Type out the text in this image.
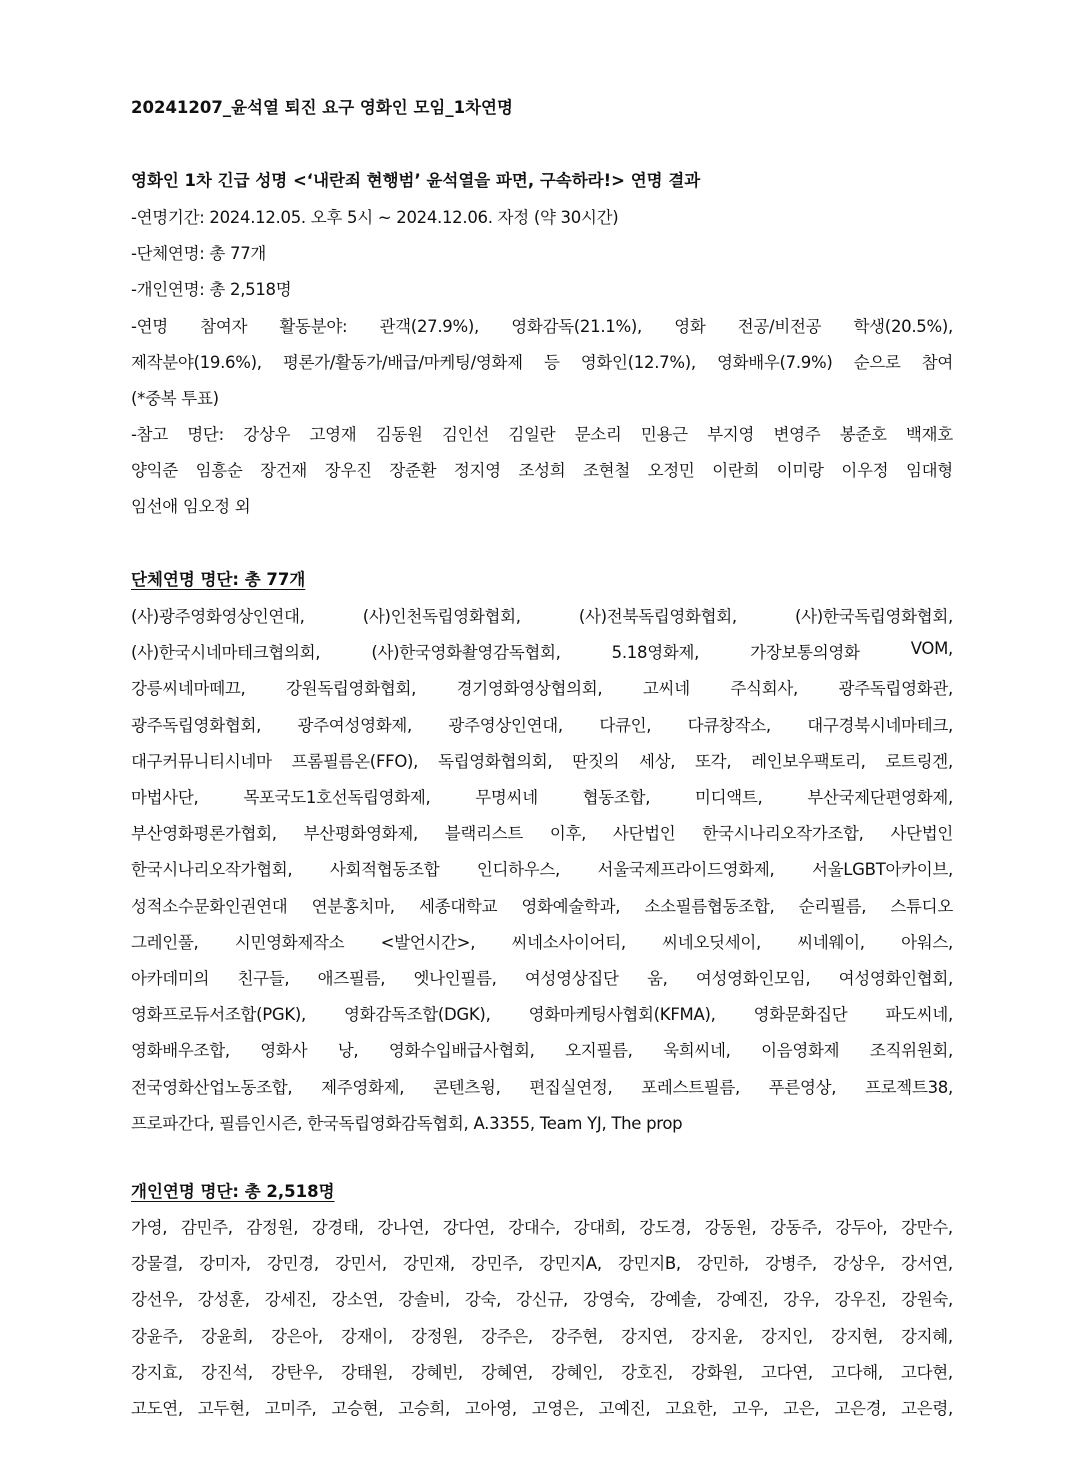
20241207_윤석열 퇴진 요구 영화인 모임_1차연명
영화인 1차 긴급 성명 <‘내란죄 현행범’ 윤석열을 파면, 구속하라!> 연명 결과
-연명기간: 2024.12.05. 오후 5시 ~ 2024.12.06. 자정 (약 30시간)
-단체연명: 총 77개
-개인연명: 총 2,518명
-연명 참여자 활동분야: 관객(27.9%), 영화감독(21.1%), 영화 전공/비전공 학생(20.5%),
제작분야(19.6%), 평론가/활동가/배급/마케팅/영화제 등 영화인(12.7%), 영화배우(7.9%) 순으로 참여
(*중복 투표)
-참고 명단: 강상우 고영재 김동원 김인선 김일란 문소리 민용근 부지영 변영주 봉준호 백재호
양익준 임흥순 장건재 장우진 장준환 정지영 조성희 조현철 오정민 이란희 이미랑 이우정 임대형
임선애 임오정 외
단체연명 명단: 총 77개
(사)광주영화영상인연대,	(사)인천독립영화협회,	(사)전북독립영화협회,	(사)한국독립영화협회,
(사)한국시네마테크협의회,	(사)한국영화촬영감독협회,	5.18영화제,	가장보통의영화	VOM,
강릉씨네마떼끄, 강원독립영화협회, 경기영화영상협의회, 고씨네 주식회사, 광주독립영화관,
광주독립영화협회, 광주여성영화제, 광주영상인연대, 다큐인, 다큐창작소, 대구경북시네마테크,
대구커뮤니티시네마 프롬필름온(FFO), 독립영화협의회, 딴짓의 세상, 또각, 레인보우팩토리, 로트링겐,
마법사단,	목포국도1호선독립영화제,	무명씨네	협동조합,	미디액트,	부산국제단편영화제,
부산영화평론가협회, 부산평화영화제, 블랙리스트 이후, 사단법인 한국시나리오작가조합, 사단법인
한국시나리오작가협회, 사회적협동조합 인디하우스, 서울국제프라이드영화제, 서울LGBT아카이브,
성적소수문화인권연대 연분홍치마, 세종대학교 영화예술학과, 소소필름협동조합, 순리필름, 스튜디오
그레인풀, 시민영화제작소 <발언시간>, 씨네소사이어티, 씨네오딧세이, 씨네웨이, 아워스,
아카데미의 친구들, 애즈필름, 엣나인필름, 여성영상집단 움, 여성영화인모임, 여성영화인협회,
영화프로듀서조합(PGK), 영화감독조합(DGK), 영화마케팅사협회(KFMA), 영화문화집단 파도씨네,
영화배우조합, 영화사 낭, 영화수입배급사협회, 오지필름, 욱희씨네, 이음영화제 조직위원회,
전국영화산업노동조합, 제주영화제, 콘텐츠윙, 편집실연정, 포레스트필름, 푸른영상, 프로젝트38,
프로파간다, 필름인시즌, 한국독립영화감독협회, A.3355, Team YJ, The prop
개인연명 명단: 총 2,518명
가영, 감민주, 감정원, 강경태, 강나연, 강다연, 강대수, 강대희, 강도경, 강동원, 강동주, 강두아, 강만수,
강물결, 강미자, 강민경, 강민서, 강민재, 강민주, 강민지A, 강민지B, 강민하, 강병주, 강상우, 강서연,
강선우, 강성훈, 강세진, 강소연, 강솔비, 강숙, 강신규, 강영숙, 강예솔, 강예진, 강우, 강우진, 강원숙,
강윤주, 강윤희, 강은아, 강재이, 강정원, 강주은, 강주현, 강지연, 강지윤, 강지인, 강지현, 강지혜,
강지효, 강진석, 강탄우, 강태원, 강혜빈, 강혜연, 강혜인, 강호진, 강화원, 고다연, 고다해, 고다현,
고도연, 고두현, 고미주, 고승현, 고승희, 고아영, 고영은, 고예진, 고요한, 고우, 고은, 고은경, 고은령,
